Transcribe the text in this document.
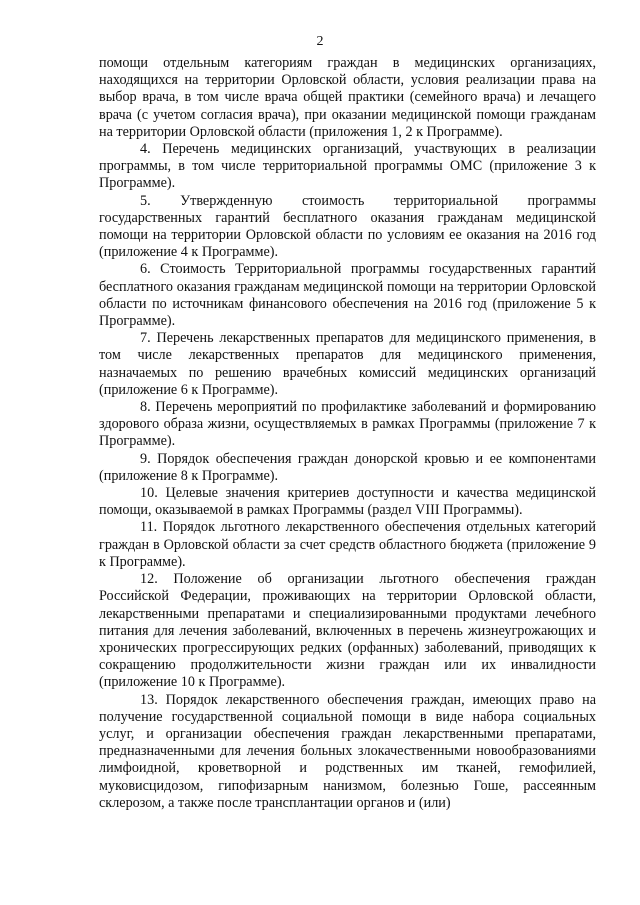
2

помощи отдельным категориям граждан в медицинских организациях, находящихся на территории Орловской области, условия реализации права на выбор врача, в том числе врача общей практики (семейного врача) и лечащего врача (с учетом согласия врача), при оказании медицинской помощи гражданам на территории Орловской области (приложения 1, 2 к Программе).

4. Перечень медицинских организаций, участвующих в реализации программы, в том числе территориальной программы ОМС (приложение 3 к Программе).

5. Утвержденную стоимость территориальной программы государственных гарантий бесплатного оказания гражданам медицинской помощи на территории Орловской области по условиям ее оказания на 2016 год (приложение 4 к Программе).

6. Стоимость Территориальной программы государственных гарантий бесплатного оказания гражданам медицинской помощи на территории Орловской области по источникам финансового обеспечения на 2016 год (приложение 5 к Программе).

7. Перечень лекарственных препаратов для медицинского применения, в том числе лекарственных препаратов для медицинского применения, назначаемых по решению врачебных комиссий медицинских организаций (приложение 6 к Программе).

8. Перечень мероприятий по профилактике заболеваний и формированию здорового образа жизни, осуществляемых в рамках Программы (приложение 7 к Программе).

9. Порядок обеспечения граждан донорской кровью и ее компонентами (приложение 8 к Программе).

10. Целевые значения критериев доступности и качества медицинской помощи, оказываемой в рамках Программы (раздел VIII Программы).

11. Порядок льготного лекарственного обеспечения отдельных категорий граждан в Орловской области за счет средств областного бюджета (приложение 9 к Программе).

12. Положение об организации льготного обеспечения граждан Российской Федерации, проживающих на территории Орловской области, лекарственными препаратами и специализированными продуктами лечебного питания для лечения заболеваний, включенных в перечень жизнеугрожающих и хронических прогрессирующих редких (орфанных) заболеваний, приводящих к сокращению продолжительности жизни граждан или их инвалидности (приложение 10 к Программе).

13. Порядок лекарственного обеспечения граждан, имеющих право на получение государственной социальной помощи в виде набора социальных услуг, и организации обеспечения граждан лекарственными препаратами, предназначенными для лечения больных злокачественными новообразованиями лимфоидной, кроветворной и родственных им тканей, гемофилией, муковисцидозом, гипофизарным нанизмом, болезнью Гоше, рассеянным склерозом, а также после трансплантации органов и (или)
